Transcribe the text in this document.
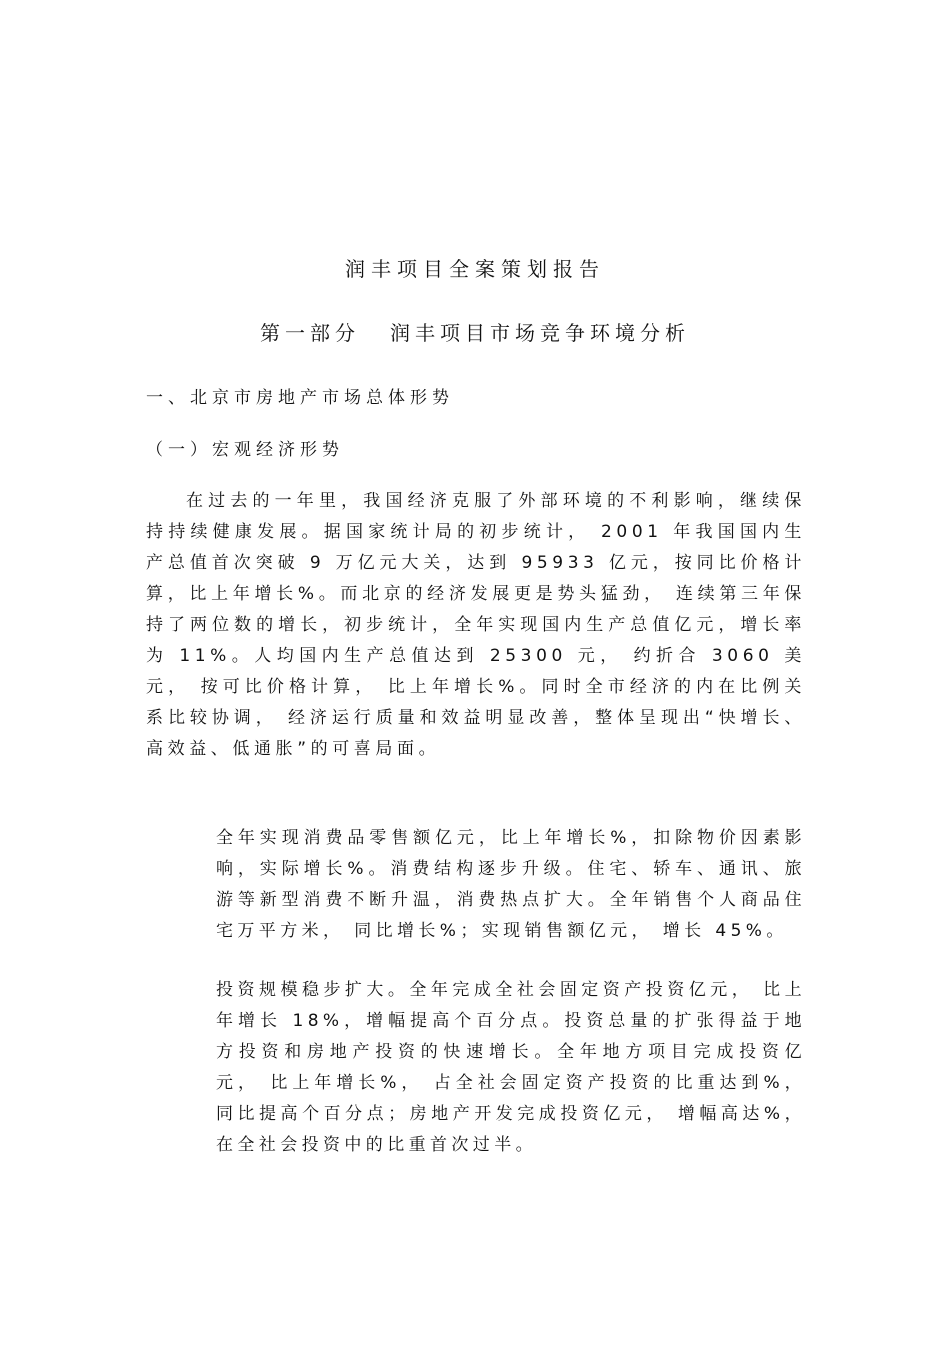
润丰项目全案策划报告
第一部分 润丰项目市场竞争环境分析
一、北京市房地产市场总体形势
（一）宏观经济形势

在过去的一年里，我国经济克服了外部环境的不利影响，继续保持持续健康发展。据国家统计局的初步统计， 2001 年我国国内生产总值首次突破 9 万亿元大关，达到 95933 亿元，按同比价格计算，比上年增长%。而北京的经济发展更是势头猛劲， 连续第三年保持了两位数的增长，初步统计，全年实现国内生产总值亿元，增长率为 11%。人均国内生产总值达到 25300 元， 约折合 3060 美元， 按可比价格计算， 比上年增长%。同时全市经济的内在比例关系比较协调， 经济运行质量和效益明显改善，整体呈现出“快增长、高效益、低通胀”的可喜局面。

全年实现消费品零售额亿元，比上年增长%，扣除物价因素影响，实际增长%。消费结构逐步升级。住宅、轿车、通讯、旅游等新型消费不断升温，消费热点扩大。全年销售个人商品住宅万平方米， 同比增长%；实现销售额亿元， 增长 45%。

投资规模稳步扩大。全年完成全社会固定资产投资亿元， 比上年增长 18%，增幅提高个百分点。投资总量的扩张得益于地方投资和房地产投资的快速增长。全年地方项目完成投资亿元， 比上年增长%， 占全社会固定资产投资的比重达到%， 同比提高个百分点；房地产开发完成投资亿元， 增幅高达%， 在全社会投资中的比重首次过半。
